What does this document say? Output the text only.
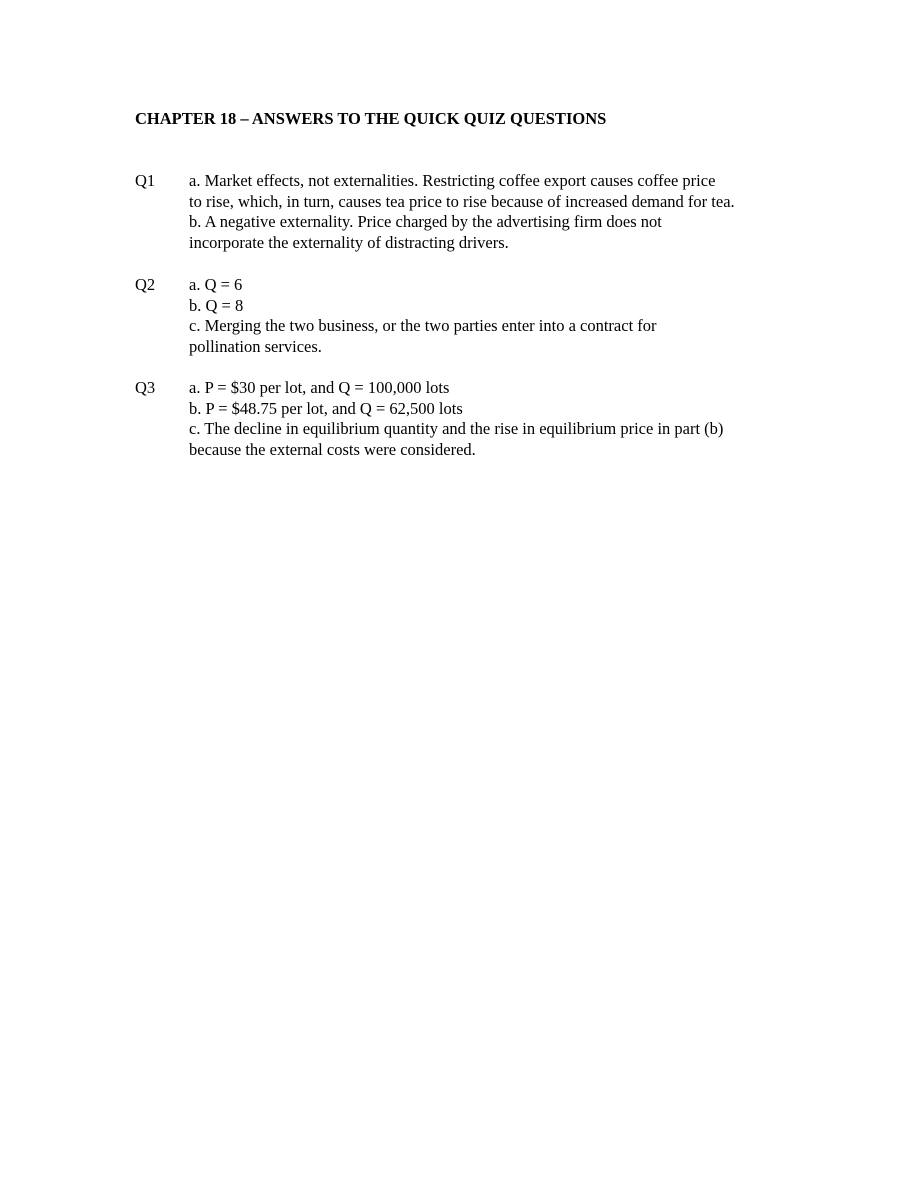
CHAPTER 18 – ANSWERS TO THE QUICK QUIZ QUESTIONS
Q1 a. Market effects, not externalities. Restricting coffee export causes coffee price
to rise, which, in turn, causes tea price to rise because of increased demand for tea.
b. A negative externality. Price charged by the advertising firm does not
incorporate the externality of distracting drivers.
Q2 a. Q = 6
b. Q = 8
c. Merging the two business, or the two parties enter into a contract for
pollination services.
Q3 a. P = $30 per lot, and Q = 100,000 lots
b. P = $48.75 per lot, and Q = 62,500 lots
c. The decline in equilibrium quantity and the rise in equilibrium price in part (b)
because the external costs were considered.
